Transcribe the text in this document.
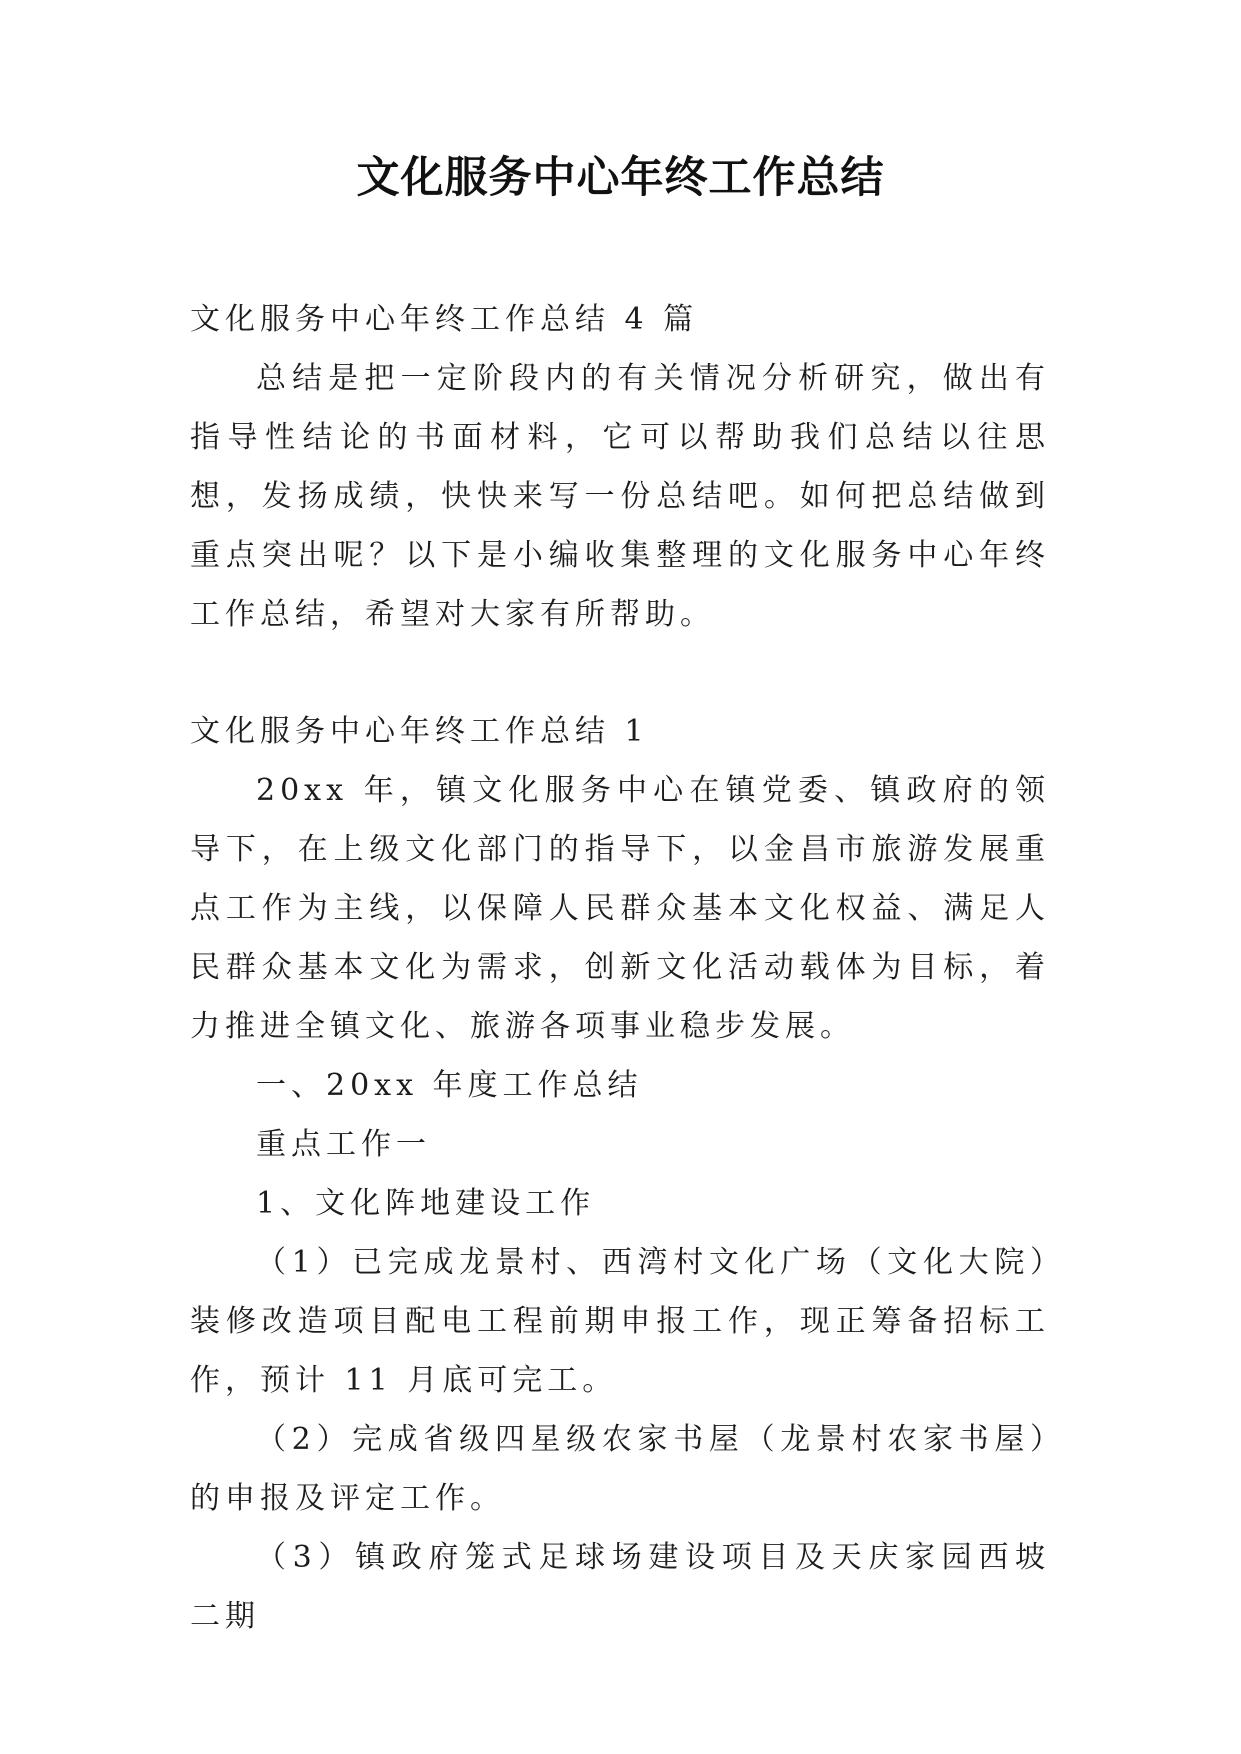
文化服务中心年终工作总结

文化服务中心年终工作总结 4 篇

总结是把一定阶段内的有关情况分析研究，做出有指导性结论的书面材料，它可以帮助我们总结以往思想，发扬成绩，快快来写一份总结吧。如何把总结做到重点突出呢？以下是小编收集整理的文化服务中心年终工作总结，希望对大家有所帮助。

文化服务中心年终工作总结 1

20xx 年，镇文化服务中心在镇党委、镇政府的领导下，在上级文化部门的指导下，以金昌市旅游发展重点工作为主线，以保障人民群众基本文化权益、满足人民群众基本文化为需求，创新文化活动载体为目标，着力推进全镇文化、旅游各项事业稳步发展。

一、20xx 年度工作总结

重点工作一

1、文化阵地建设工作

（1）已完成龙景村、西湾村文化广场（文化大院）装修改造项目配电工程前期申报工作，现正筹备招标工作，预计 11 月底可完工。

（2）完成省级四星级农家书屋（龙景村农家书屋）的申报及评定工作。

（3）镇政府笼式足球场建设项目及天庆家园西坡二期
